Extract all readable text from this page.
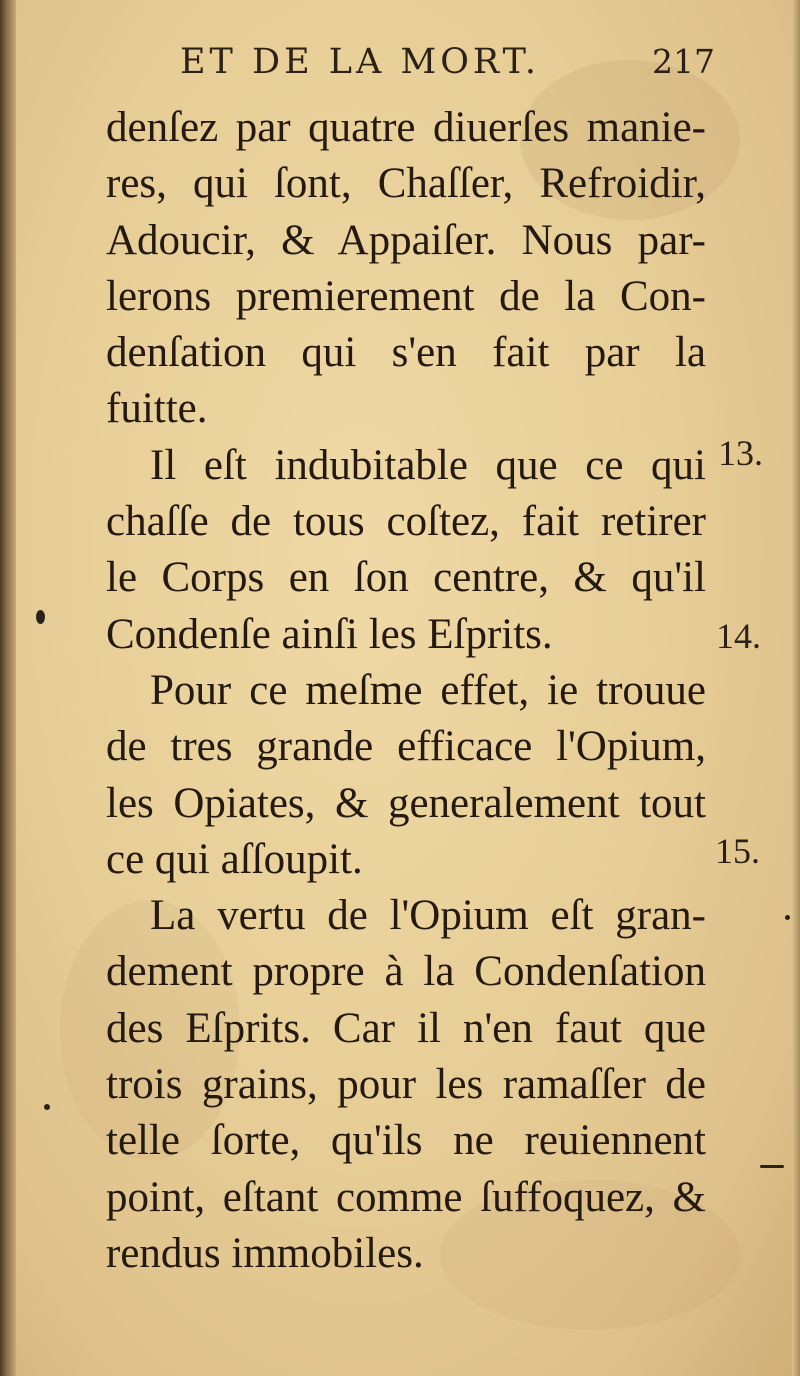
ET DE LA MORT.	217
denſez par quatre diuerſes manie-
res, qui ſont, Chaſſer, Refroidir,
Adoucir, & Appaiſer. Nous par-
lerons premierement de la Con-
denſation qui s'en fait par la
fuitte.
Il eſt indubitable que ce qui
chaſſe de tous coſtez, fait retirer
le Corps en ſon centre, & qu'il
Condenſe ainſi les Eſprits.
Pour ce meſme effet, ie trouue
de tres grande efficace l'Opium,
les Opiates, & generalement tout
ce qui aſſoupit.
La vertu de l'Opium eſt gran-
dement propre à la Condenſation
des Eſprits. Car il n'en faut que
trois grains, pour les ramaſſer de
telle ſorte, qu'ils ne reuiennent
point, eſtant comme ſuffoquez, &
rendus immobiles.
13.
14.
15.
